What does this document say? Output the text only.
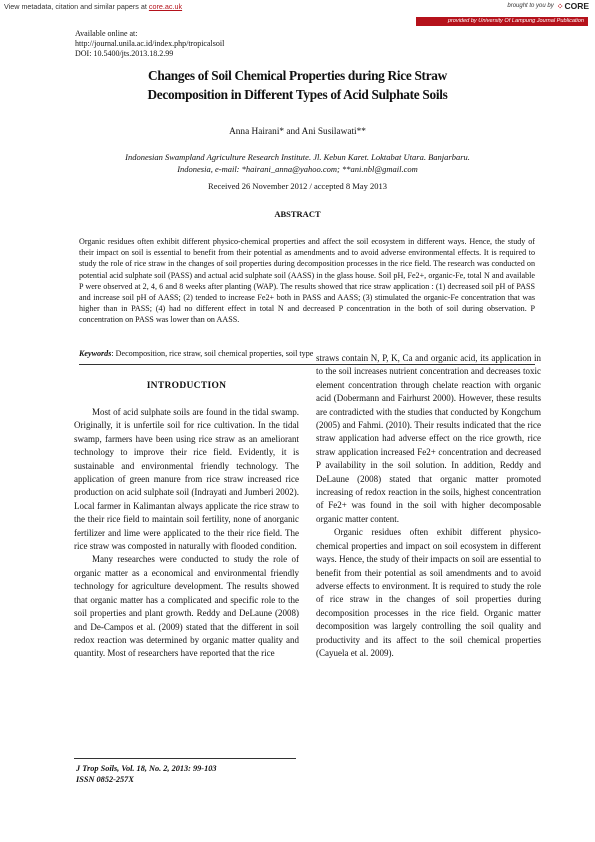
View metadata, citation and similar papers at core.ac.uk	brought to you by ⁘ CORE
provided by University Of Lampung Journal Publication
Available online at:
http://journal.unila.ac.id/index.php/tropicalsoil
DOI: 10.5400/jts.2013.18.2.99
Changes of Soil Chemical Properties during Rice Straw
Decomposition in Different Types of Acid Sulphate Soils
Anna Hairani* and Ani Susilawati**
Indonesian Swampland Agriculture Research Institute. Jl. Kebun Karet. Loktabat Utara. Banjarbaru.
Indonesia, e-mail: *hairani_anna@yahoo.com; **ani.nbl@gmail.com
Received 26 November 2012 / accepted 8 May 2013
ABSTRACT
Organic residues often exhibit different physico-chemical properties and affect the soil ecosystem in different ways. Hence, the study of their impact on soil is essential to benefit from their potential as amendments and to avoid adverse environmental effects. It is required to study the role of rice straw in the changes of soil properties during decomposition processes in the rice field. The research was conducted on potential acid sulphate soil (PASS) and actual acid sulphate soil (AASS) in the glass house. Soil pH, Fe2+, organic-Fe, total N and available P were observed at 2, 4, 6 and 8 weeks after planting (WAP). The results showed that rice straw application : (1) decreased soil pH of PASS and increase soil pH of AASS; (2) tended to increase Fe2+ both in PASS and AASS; (3) stimulated the organic-Fe concentration that was higher than in PASS; (4) had no different effect in total N and decreased P concentration in the both of soil during observation. P concentration on PASS was lower than on AASS.
Keywords: Decomposition, rice straw, soil chemical properties, soil type
INTRODUCTION

Most of acid sulphate soils are found in the tidal swamp. Originally, it is unfertile soil for rice cultivation. In the tidal swamp, farmers have been using rice straw as an ameliorant technology to improve their rice field. Evidently, it is sustainable and environmental friendly technology. The application of green manure from rice straw increased rice production on acid sulphate soil (Indrayati and Jumberi 2002). Local farmer in Kalimantan always applicate the rice straw to the their rice field to maintain soil fertility, none of anorganic fertilizer and lime were applicated to the their rice field. The rice straw was composted in naturally with flooded condition.

Many researches were conducted to study the role of organic matter as a economical and environmental friendly technology for agriculture development. The results showed that organic matter has a complicated and specific role to the soil properties and plant growth. Reddy and DeLaune (2008) and De-Campos et al. (2009) stated that the different in soil redox reaction was determined by organic matter quality and quantity. Most of researchers have reported that the rice

straws contain N, P, K, Ca and organic acid, its application in to the soil increases nutrient concentration and decreases toxic element concentration through chelate reaction with organic acid (Dobermann and Fairhurst 2000). However, these results are contradicted with the studies that conducted by Kongchum (2005) and Fahmi. (2010). Their results indicated that the rice straw application had adverse effect on the rice growth, rice straw application increased Fe2+ concentration and decreased P availability in the soil solution. In addition, Reddy and DeLaune (2008) stated that organic matter promoted increasing of redox reaction in the soils, highest concentration of Fe2+ was found in the soil with higher decomposable organic matter content.

Organic residues often exhibit different physico-chemical properties and impact on soil ecosystem in different ways. Hence, the study of their impacts on soil are essential to benefit from their potential as soil amendments and to avoid adverse effects to environment. It is required to study the role of rice straw in the changes of soil properties during decomposition processes in the rice field. Organic matter decomposition was largely controlling the soil quality and productivity and its affect to the soil chemical properties (Cayuela et al. 2009).

J Trop Soils, Vol. 18, No. 2, 2013: 99-103
ISSN 0852-257X
